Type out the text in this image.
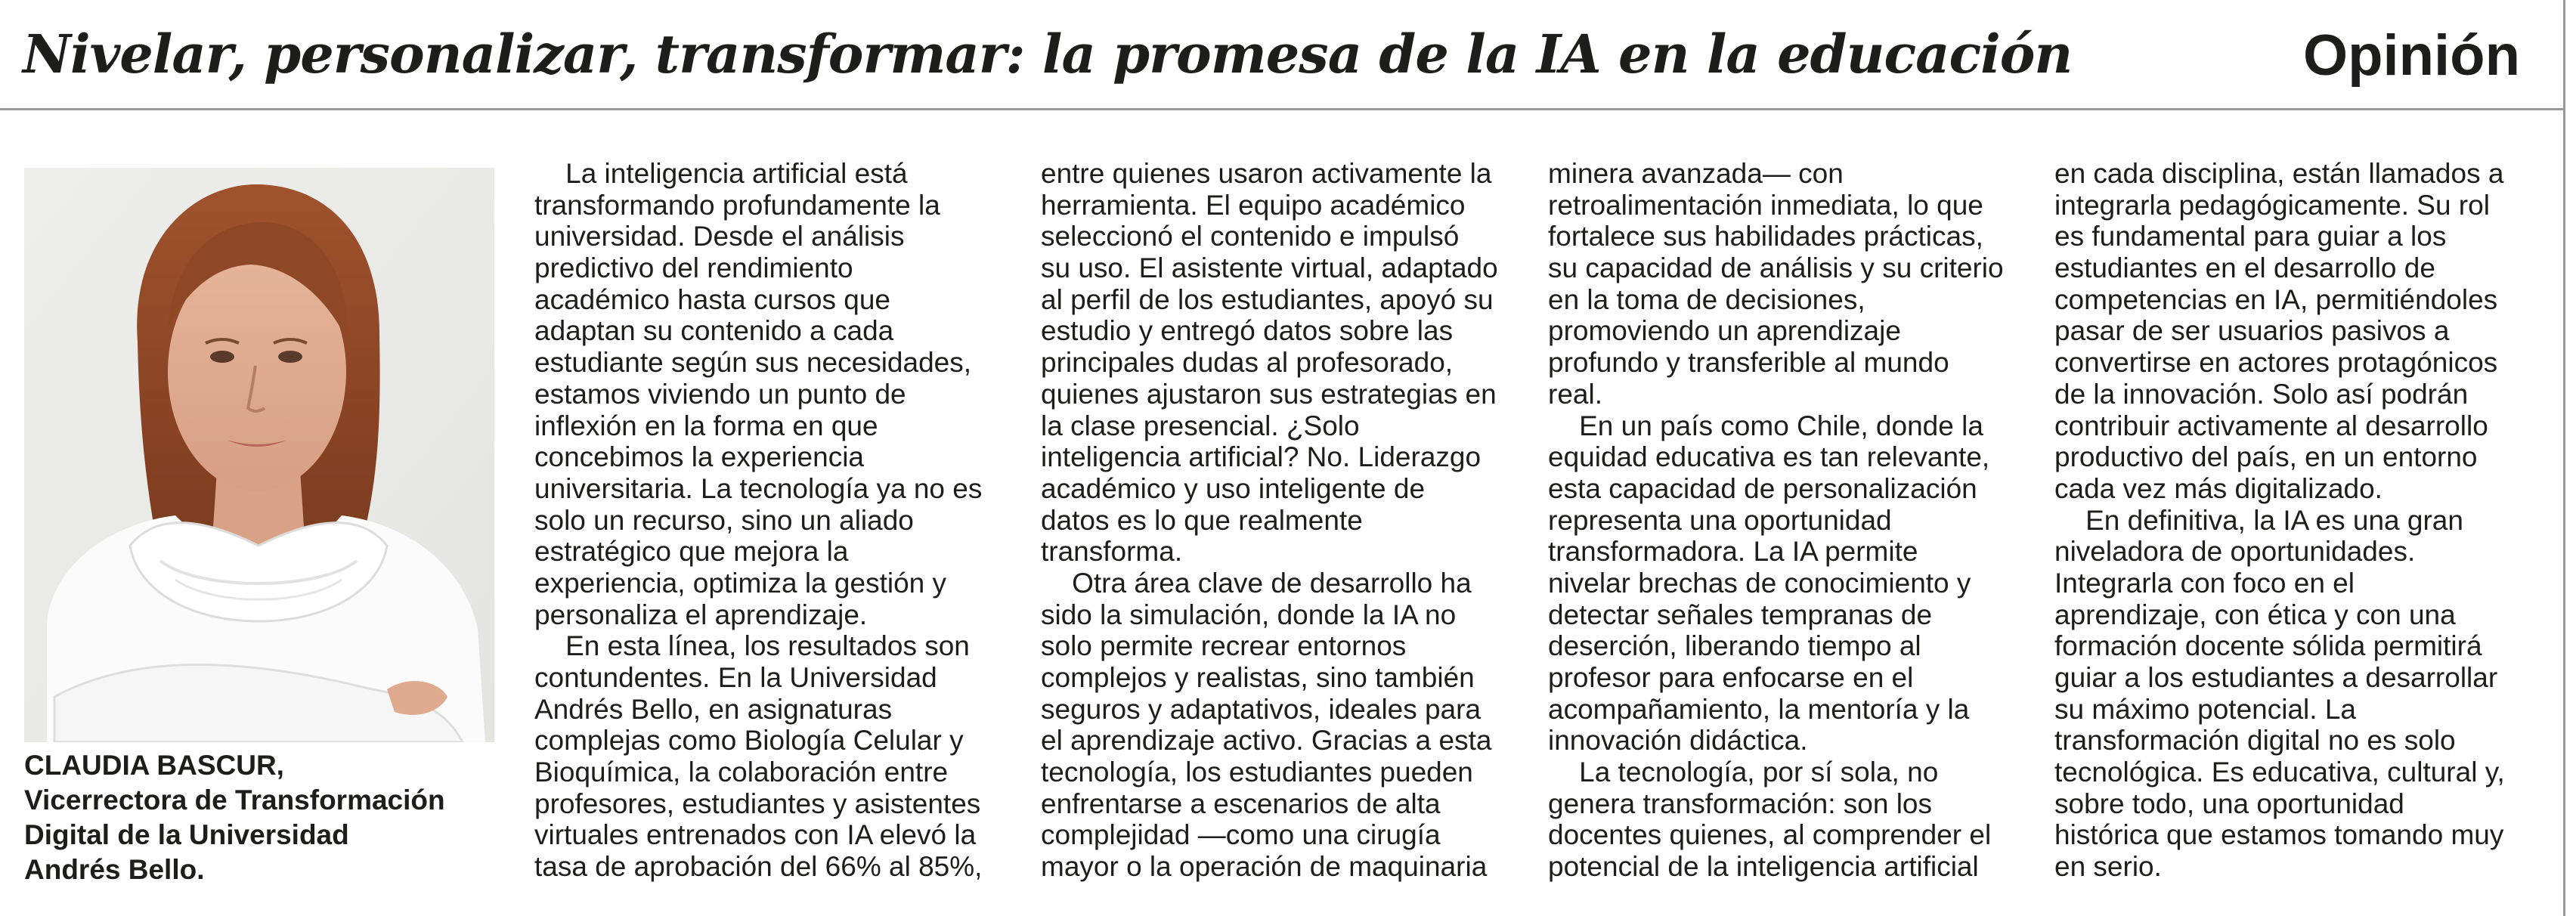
Nivelar, personalizar, transformar: la promesa de la IA en la educación	Opinión
CLAUDIA BASCUR,
Vicerrectora de Transformación
Digital de la Universidad
Andrés Bello.
La inteligencia artificial está
transformando profundamente la
universidad. Desde el análisis
predictivo del rendimiento
académico hasta cursos que
adaptan su contenido a cada
estudiante según sus necesidades,
estamos viviendo un punto de
inflexión en la forma en que
concebimos la experiencia
universitaria. La tecnología ya no es
solo un recurso, sino un aliado
estratégico que mejora la
experiencia, optimiza la gestión y
personaliza el aprendizaje.
En esta línea, los resultados son
contundentes. En la Universidad
Andrés Bello, en asignaturas
complejas como Biología Celular y
Bioquímica, la colaboración entre
profesores, estudiantes y asistentes
virtuales entrenados con IA elevó la
tasa de aprobación del 66% al 85%,
entre quienes usaron activamente la
herramienta. El equipo académico
seleccionó el contenido e impulsó
su uso. El asistente virtual, adaptado
al perfil de los estudiantes, apoyó su
estudio y entregó datos sobre las
principales dudas al profesorado,
quienes ajustaron sus estrategias en
la clase presencial. ¿Solo
inteligencia artificial? No. Liderazgo
académico y uso inteligente de
datos es lo que realmente
transforma.
Otra área clave de desarrollo ha
sido la simulación, donde la IA no
solo permite recrear entornos
complejos y realistas, sino también
seguros y adaptativos, ideales para
el aprendizaje activo. Gracias a esta
tecnología, los estudiantes pueden
enfrentarse a escenarios de alta
complejidad —como una cirugía
mayor o la operación de maquinaria
minera avanzada— con
retroalimentación inmediata, lo que
fortalece sus habilidades prácticas,
su capacidad de análisis y su criterio
en la toma de decisiones,
promoviendo un aprendizaje
profundo y transferible al mundo
real.
En un país como Chile, donde la
equidad educativa es tan relevante,
esta capacidad de personalización
representa una oportunidad
transformadora. La IA permite
nivelar brechas de conocimiento y
detectar señales tempranas de
deserción, liberando tiempo al
profesor para enfocarse en el
acompañamiento, la mentoría y la
innovación didáctica.
La tecnología, por sí sola, no
genera transformación: son los
docentes quienes, al comprender el
potencial de la inteligencia artificial
en cada disciplina, están llamados a
integrarla pedagógicamente. Su rol
es fundamental para guiar a los
estudiantes en el desarrollo de
competencias en IA, permitiéndoles
pasar de ser usuarios pasivos a
convertirse en actores protagónicos
de la innovación. Solo así podrán
contribuir activamente al desarrollo
productivo del país, en un entorno
cada vez más digitalizado.
En definitiva, la IA es una gran
niveladora de oportunidades.
Integrarla con foco en el
aprendizaje, con ética y con una
formación docente sólida permitirá
guiar a los estudiantes a desarrollar
su máximo potencial. La
transformación digital no es solo
tecnológica. Es educativa, cultural y,
sobre todo, una oportunidad
histórica que estamos tomando muy
en serio.
